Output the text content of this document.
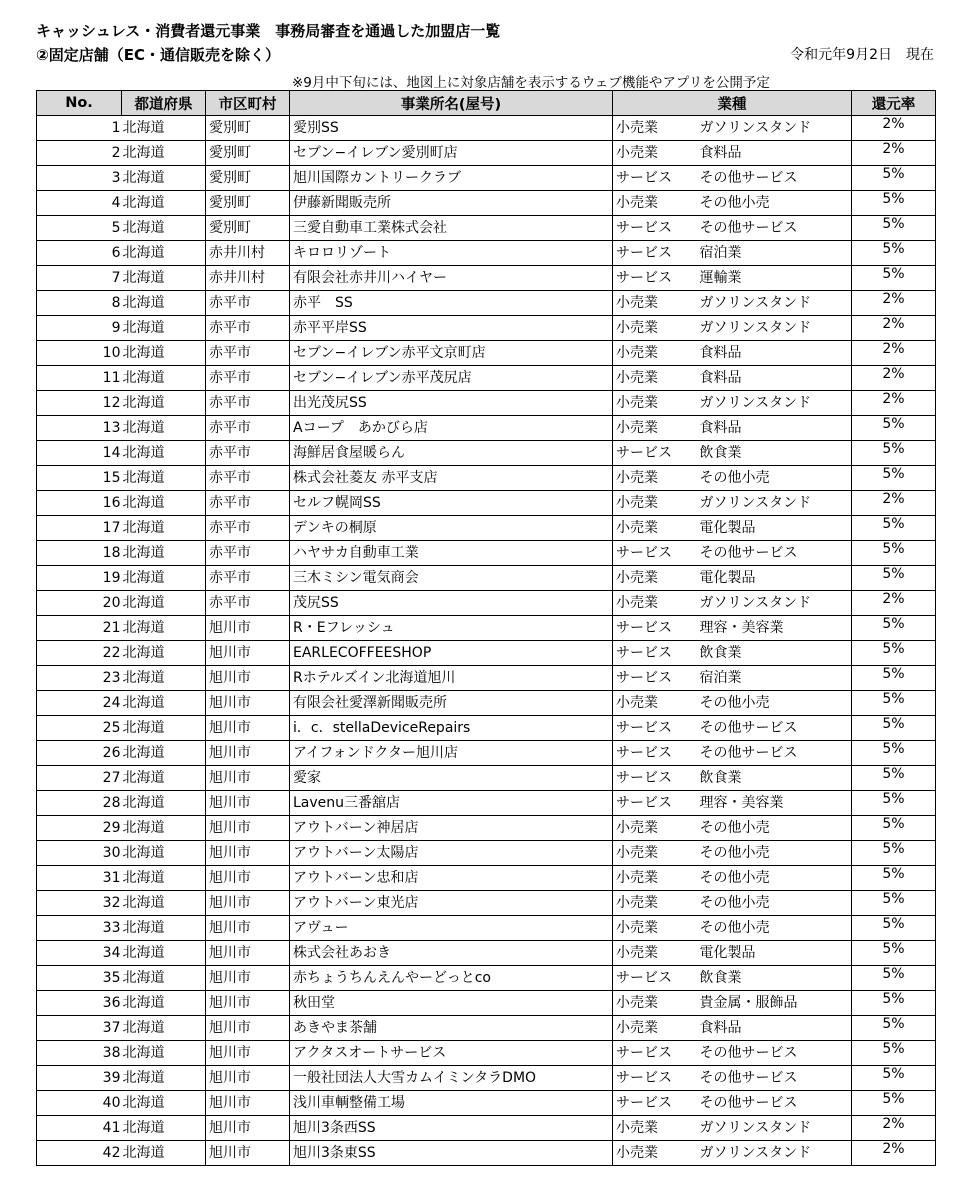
キャッシュレス・消費者還元事業　事務局審査を通過した加盟店一覧
②固定店舗（EC・通信販売を除く）	令和元年9月2日　現在
※9月中下旬には、地図上に対象店舗を表示するウェブ機能やアプリを公開予定
No.	都道府県	市区町村	事業所名(屋号)	業種		還元率
1	北海道	愛別町	愛別SS	小売業	ガソリンスタンド	2%
2	北海道	愛別町	セブン−イレブン愛別町店	小売業	食料品	2%
3	北海道	愛別町	旭川国際カントリークラブ	サービス	その他サービス	5%
4	北海道	愛別町	伊藤新聞販売所	小売業	その他小売	5%
5	北海道	愛別町	三愛自動車工業株式会社	サービス	その他サービス	5%
6	北海道	赤井川村	キロロリゾート	サービス	宿泊業	5%
7	北海道	赤井川村	有限会社赤井川ハイヤー	サービス	運輸業	5%
8	北海道	赤平市	赤平　SS	小売業	ガソリンスタンド	2%
9	北海道	赤平市	赤平平岸SS	小売業	ガソリンスタンド	2%
10	北海道	赤平市	セブン−イレブン赤平文京町店	小売業	食料品	2%
11	北海道	赤平市	セブン−イレブン赤平茂尻店	小売業	食料品	2%
12	北海道	赤平市	出光茂尻SS	小売業	ガソリンスタンド	2%
13	北海道	赤平市	Aコープ　あかびら店	小売業	食料品	5%
14	北海道	赤平市	海鮮居食屋暖らん	サービス	飲食業	5%
15	北海道	赤平市	株式会社菱友 赤平支店	小売業	その他小売	5%
16	北海道	赤平市	セルフ幌岡SS	小売業	ガソリンスタンド	2%
17	北海道	赤平市	デンキの桐原	小売業	電化製品	5%
18	北海道	赤平市	ハヤサカ自動車工業	サービス	その他サービス	5%
19	北海道	赤平市	三木ミシン電気商会	小売業	電化製品	5%
20	北海道	赤平市	茂尻SS	小売業	ガソリンスタンド	2%
21	北海道	旭川市	R・Eフレッシュ	サービス	理容・美容業	5%
22	北海道	旭川市	EARLECOFFEESHOP	サービス	飲食業	5%
23	北海道	旭川市	Rホテルズイン北海道旭川	サービス	宿泊業	5%
24	北海道	旭川市	有限会社愛澤新聞販売所	小売業	その他小売	5%
25	北海道	旭川市	i．c．stellaDeviceRepairs	サービス	その他サービス	5%
26	北海道	旭川市	アイフォンドクター旭川店	サービス	その他サービス	5%
27	北海道	旭川市	愛家	サービス	飲食業	5%
28	北海道	旭川市	Lavenu三番舘店	サービス	理容・美容業	5%
29	北海道	旭川市	アウトバーン神居店	小売業	その他小売	5%
30	北海道	旭川市	アウトバーン太陽店	小売業	その他小売	5%
31	北海道	旭川市	アウトバーン忠和店	小売業	その他小売	5%
32	北海道	旭川市	アウトバーン東光店	小売業	その他小売	5%
33	北海道	旭川市	アヴュー	小売業	その他小売	5%
34	北海道	旭川市	株式会社あおき	小売業	電化製品	5%
35	北海道	旭川市	赤ちょうちんえんやーどっとco	サービス	飲食業	5%
36	北海道	旭川市	秋田堂	小売業	貴金属・服飾品	5%
37	北海道	旭川市	あきやま茶舗	小売業	食料品	5%
38	北海道	旭川市	アクタスオートサービス	サービス	その他サービス	5%
39	北海道	旭川市	一般社団法人大雪カムイミンタラDMO	サービス	その他サービス	5%
40	北海道	旭川市	浅川車輌整備工場	サービス	その他サービス	5%
41	北海道	旭川市	旭川3条西SS	小売業	ガソリンスタンド	2%
42	北海道	旭川市	旭川3条東SS	小売業	ガソリンスタンド	2%
